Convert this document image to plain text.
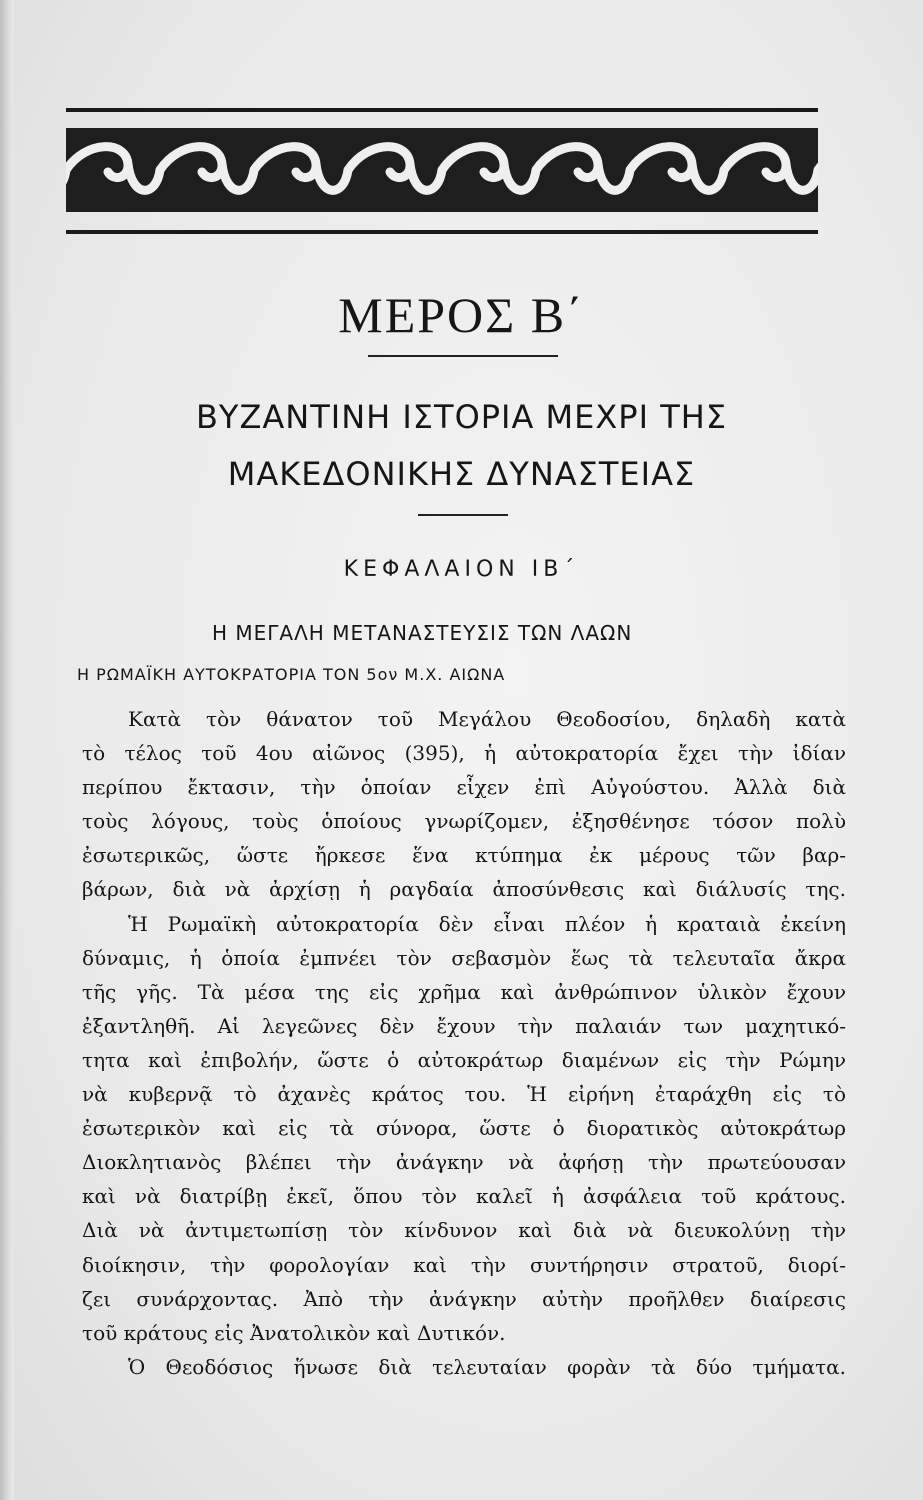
ΜΕΡΟΣ Β΄
ΒΥΖΑΝΤΙΝΗ ΙΣΤΟΡΙΑ ΜΕΧΡΙ ΤΗΣ
ΜΑΚΕΔΟΝΙΚΗΣ ΔΥΝΑΣΤΕΙΑΣ
ΚΕΦΑΛΑΙΟΝ ΙΒ΄
Η ΜΕΓΑΛΗ ΜΕΤΑΝΑΣΤΕΥΣΙΣ ΤΩΝ ΛΑΩΝ
Η ΡΩΜΑΪΚΗ ΑΥΤΟΚΡΑΤΟΡΙΑ ΤΟΝ 5ον Μ.Χ. ΑΙΩΝΑ
Κατὰ τὸν θάνατον τοῦ Μεγάλου Θεοδοσίου, δηλαδὴ κατὰ
τὸ τέλος τοῦ 4ου αἰῶνος (395), ἡ αὐτοκρατορία ἔχει τὴν ἰδίαν
περίπου ἔκτασιν, τὴν ὁποίαν εἶχεν ἐπὶ Αὐγούστου. Ἀλλὰ διὰ
τοὺς λόγους, τοὺς ὁποίους γνωρίζομεν, ἐξησθένησε τόσον πολὺ
ἐσωτερικῶς, ὥστε ἤρκεσε ἕνα κτύπημα ἐκ μέρους τῶν βαρ-
βάρων, διὰ νὰ ἀρχίσῃ ἡ ραγδαία ἀποσύνθεσις καὶ διάλυσίς της.
Ἡ Ρωμαϊκὴ αὐτοκρατορία δὲν εἶναι πλέον ἡ κραταιὰ ἐκείνη
δύναμις, ἡ ὁποία ἐμπνέει τὸν σεβασμὸν ἕως τὰ τελευταῖα ἄκρα
τῆς γῆς. Τὰ μέσα της εἰς χρῆμα καὶ ἀνθρώπινον ὑλικὸν ἔχουν
ἐξαντληθῆ. Αἱ λεγεῶνες δὲν ἔχουν τὴν παλαιάν των μαχητικό-
τητα καὶ ἐπιβολήν, ὥστε ὁ αὐτοκράτωρ διαμένων εἰς τὴν Ρώμην
νὰ κυβερνᾷ τὸ ἀχανὲς κράτος του. Ἡ εἰρήνη ἐταράχθη εἰς τὸ
ἐσωτερικὸν καὶ εἰς τὰ σύνορα, ὥστε ὁ διορατικὸς αὐτοκράτωρ
Διοκλητιανὸς βλέπει τὴν ἀνάγκην νὰ ἀφήσῃ τὴν πρωτεύουσαν
καὶ νὰ διατρίβῃ ἐκεῖ, ὅπου τὸν καλεῖ ἡ ἀσφάλεια τοῦ κράτους.
Διὰ νὰ ἀντιμετωπίσῃ τὸν κίνδυνον καὶ διὰ νὰ διευκολύνῃ τὴν
διοίκησιν, τὴν φορολογίαν καὶ τὴν συντήρησιν στρατοῦ, διορί-
ζει συνάρχοντας. Ἀπὸ τὴν ἀνάγκην αὐτὴν προῆλθεν διαίρεσις
τοῦ κράτους εἰς Ἀνατολικὸν καὶ Δυτικόν.
Ὁ Θεοδόσιος ἥνωσε διὰ τελευταίαν φορὰν τὰ δύο τμήματα.
